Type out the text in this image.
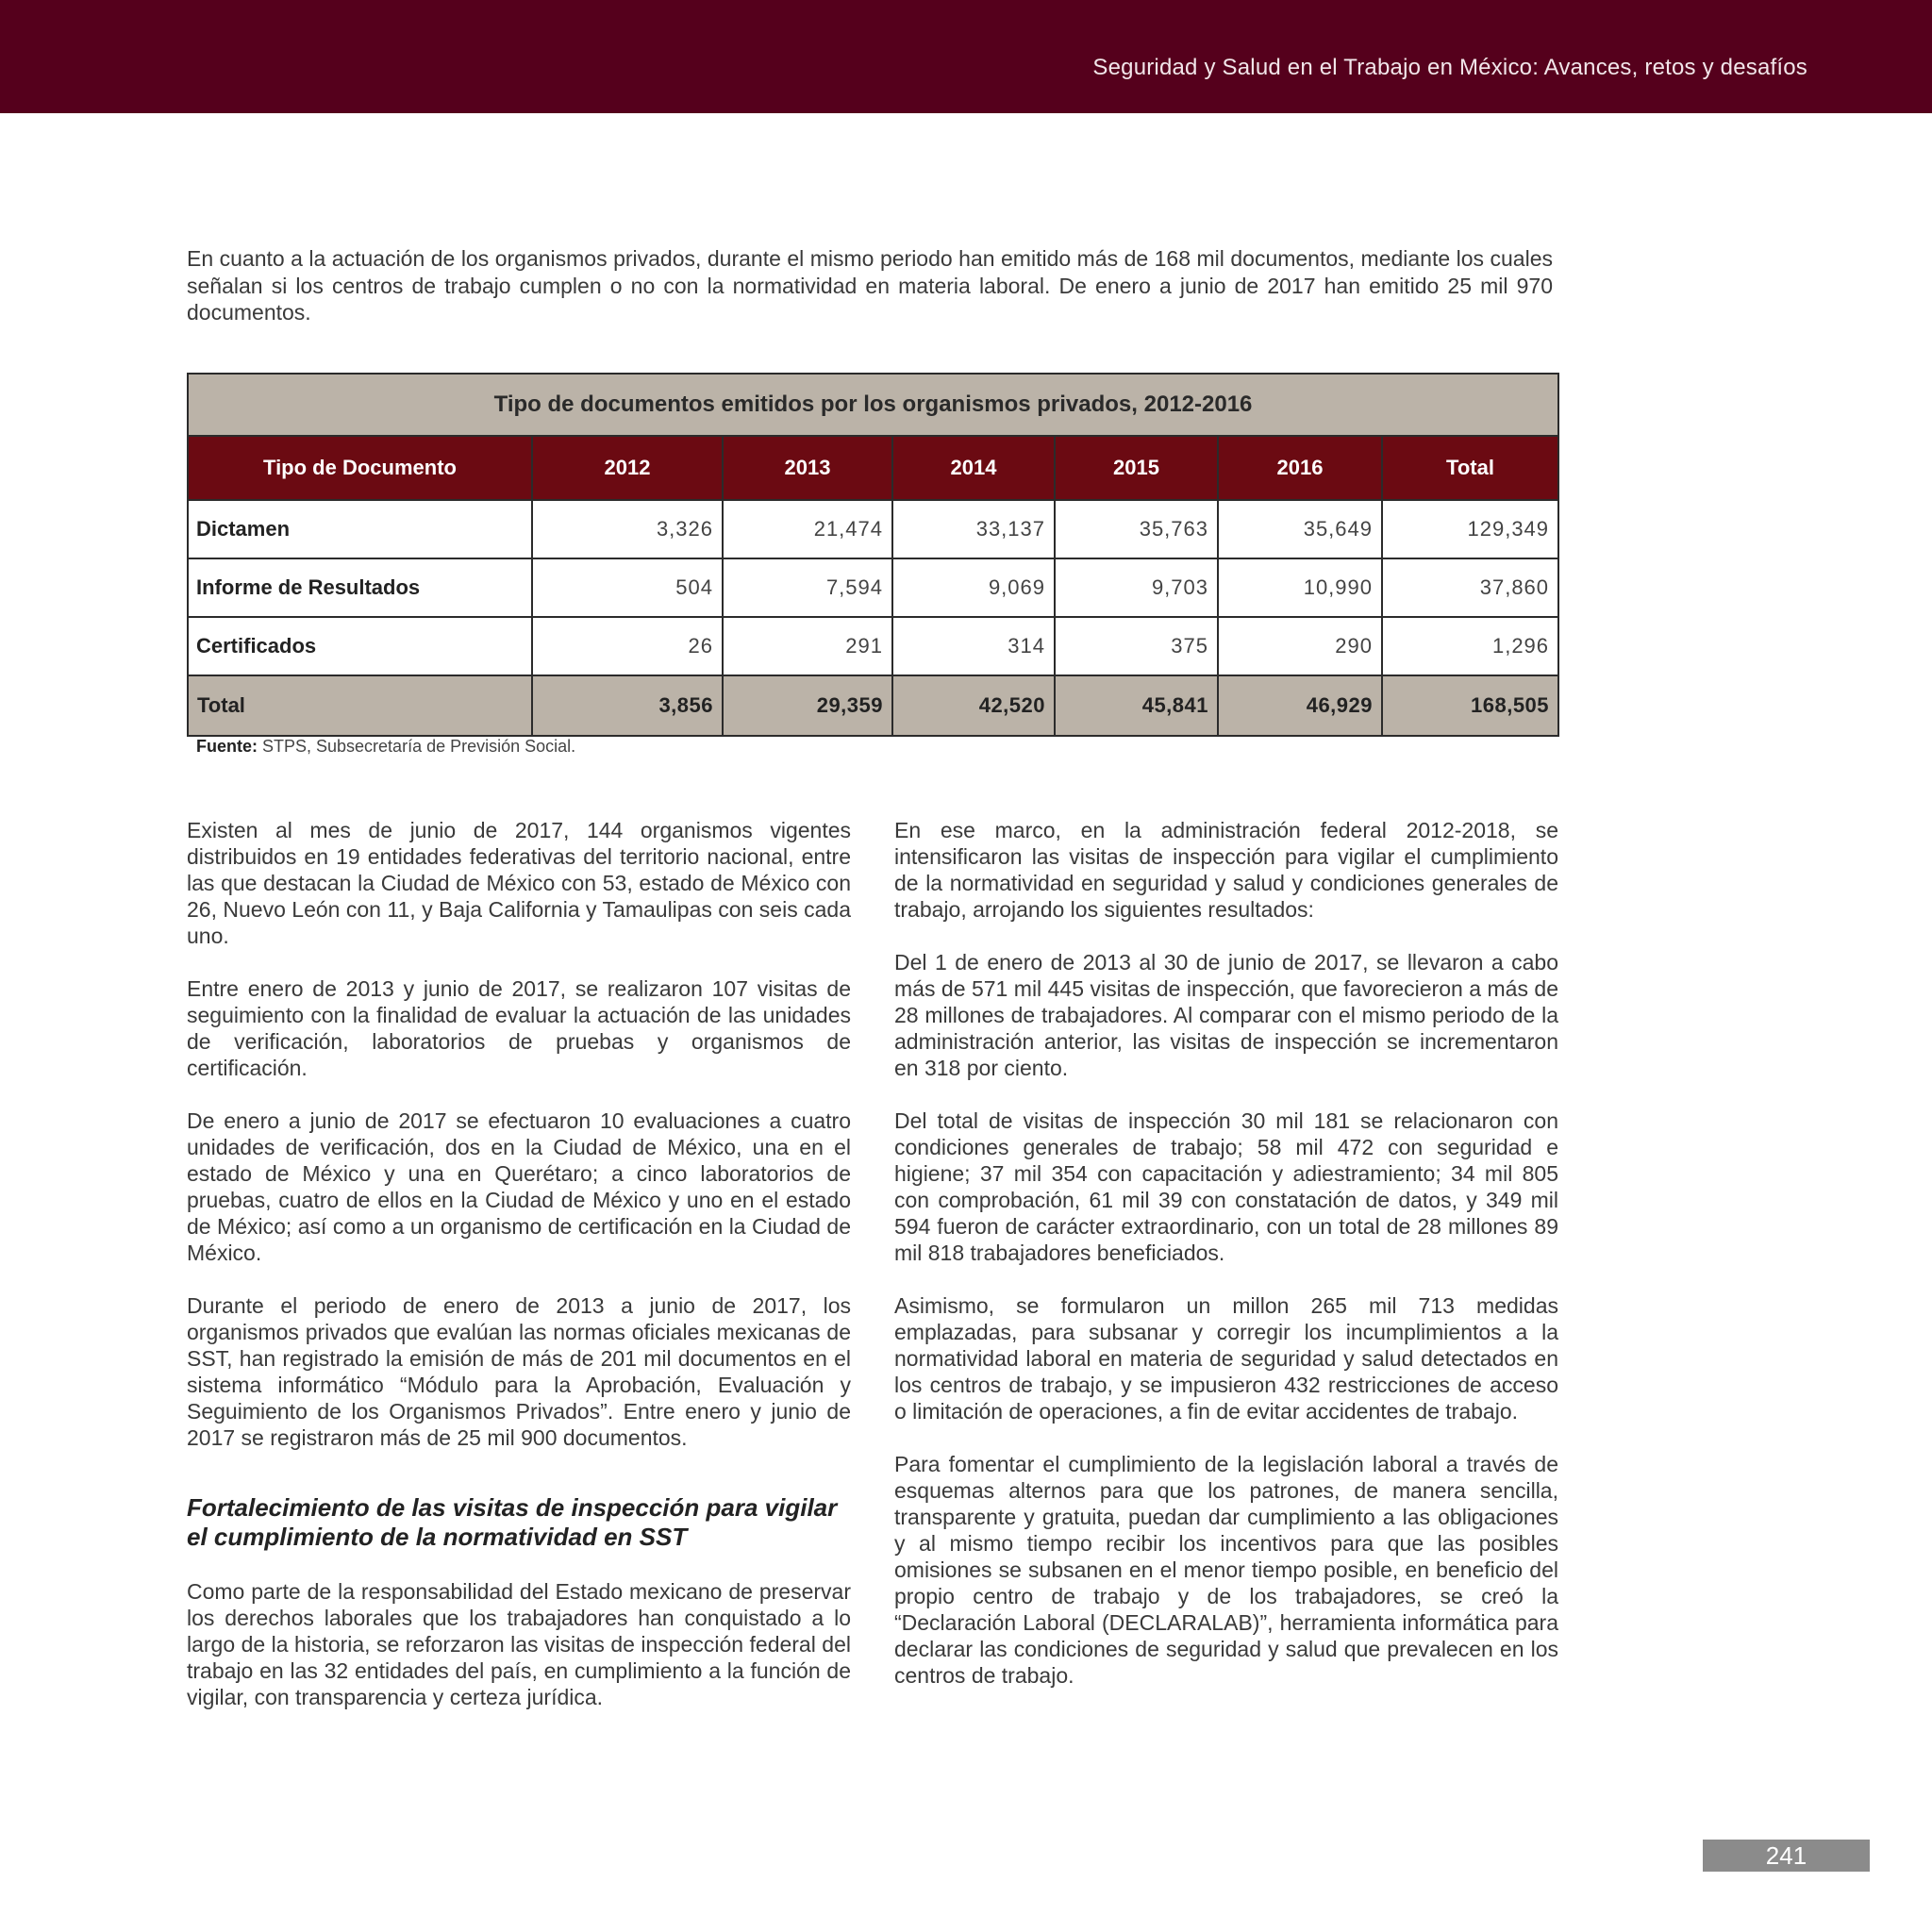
Seguridad y Salud en el Trabajo en México: Avances, retos y desafíos

En cuanto a la actuación de los organismos privados, durante el mismo periodo han emitido más de 168 mil documentos, mediante los cuales señalan si los centros de trabajo cumplen o no con la normatividad en materia laboral. De enero a junio de 2017 han emitido 25 mil 970 documentos.

Tipo de documentos emitidos por los organismos privados, 2012-2016						
Tipo de Documento	2012	2013	2014	2015	2016	Total
Dictamen	3,326	21,474	33,137	35,763	35,649	129,349
Informe de Resultados	504	7,594	9,069	9,703	10,990	37,860
Certificados	26	291	314	375	290	1,296
Total	3,856	29,359	42,520	45,841	46,929	168,505
Fuente: STPS, Subsecretaría de Previsión Social.

Existen al mes de junio de 2017, 144 organismos vigentes distribuidos en 19 entidades federativas del territorio nacional, entre las que destacan la Ciudad de México con 53, estado de México con 26, Nuevo León con 11, y Baja California y Tamaulipas con seis cada uno.

Entre enero de 2013 y junio de 2017, se realizaron 107 visitas de seguimiento con la finalidad de evaluar la actuación de las unidades de verificación, laboratorios de pruebas y organismos de certificación.

De enero a junio de 2017 se efectuaron 10 evaluaciones a cuatro unidades de verificación, dos en la Ciudad de México, una en el estado de México y una en Querétaro; a cinco laboratorios de pruebas, cuatro de ellos en la Ciudad de México y uno en el estado de México; así como a un organismo de certificación en la Ciudad de México.

Durante el periodo de enero de 2013 a junio de 2017, los organismos privados que evalúan las normas oficiales mexicanas de SST, han registrado la emisión de más de 201 mil documentos en el sistema informático “Módulo para la Aprobación, Evaluación y Seguimiento de los Organismos Privados”. Entre enero y junio de 2017 se registraron más de 25 mil 900 documentos.

Fortalecimiento de las visitas de inspección para vigilar el cumplimiento de la normatividad en SST

Como parte de la responsabilidad del Estado mexicano de preservar los derechos laborales que los trabajadores han conquistado a lo largo de la historia, se reforzaron las visitas de inspección federal del trabajo en las 32 entidades del país, en cumplimiento a la función de vigilar, con transparencia y certeza jurídica.

En ese marco, en la administración federal 2012-2018, se intensificaron las visitas de inspección para vigilar el cumplimiento de la normatividad en seguridad y salud y condiciones generales de trabajo, arrojando los siguientes resultados:

Del 1 de enero de 2013 al 30 de junio de 2017, se llevaron a cabo más de 571 mil 445 visitas de inspección, que favorecieron a más de 28 millones de trabajadores. Al comparar con el mismo periodo de la administración anterior, las visitas de inspección se incrementaron en 318 por ciento.

Del total de visitas de inspección 30 mil 181 se relacionaron con condiciones generales de trabajo; 58 mil 472 con seguridad e higiene; 37 mil 354 con capacitación y adiestramiento; 34 mil 805 con comprobación, 61 mil 39 con constatación de datos, y 349 mil 594 fueron de carácter extraordinario, con un total de 28 millones 89 mil 818 trabajadores beneficiados.

Asimismo, se formularon un millon 265 mil 713 medidas emplazadas, para subsanar y corregir los incumplimientos a la normatividad laboral en materia de seguridad y salud detectados en los centros de trabajo, y se impusieron 432 restricciones de acceso o limitación de operaciones, a fin de evitar accidentes de trabajo.

Para fomentar el cumplimiento de la legislación laboral a través de esquemas alternos para que los patrones, de manera sencilla, transparente y gratuita, puedan dar cumplimiento a las obligaciones y al mismo tiempo recibir los incentivos para que las posibles omisiones se subsanen en el menor tiempo posible, en beneficio del propio centro de trabajo y de los trabajadores, se creó la “Declaración Laboral (DECLARALAB)”, herramienta informática para declarar las condiciones de seguridad y salud que prevalecen en los centros de trabajo.

241
